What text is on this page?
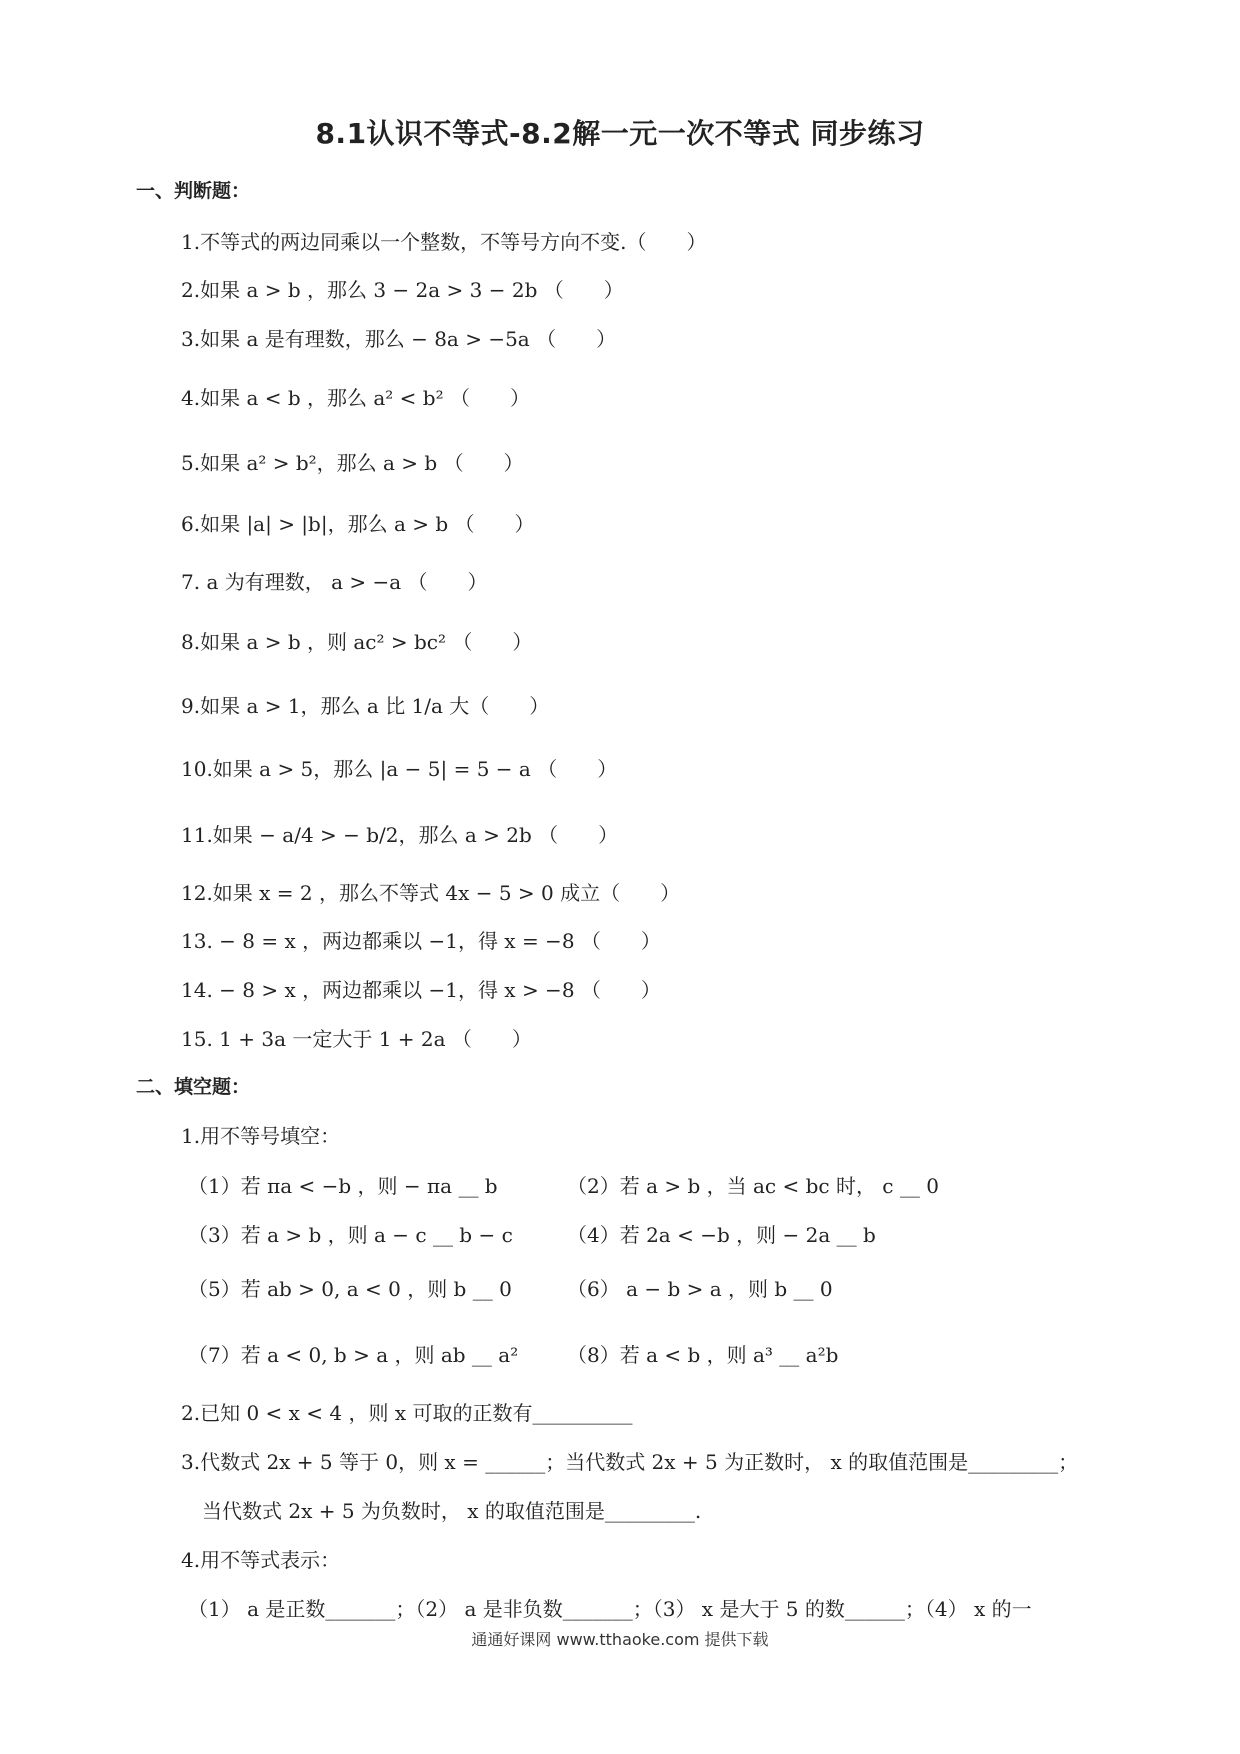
8.1认识不等式-8.2解一元一次不等式 同步练习
一、判断题：
1.不等式的两边同乘以一个整数，不等号方向不变.（　　）
2.如果 a > b ，那么 3 − 2a > 3 − 2b （　　）
3.如果 a 是有理数，那么 − 8a > −5a （　　）
4.如果 a < b ，那么 a² < b² （　　）
5.如果 a² > b²，那么 a > b （　　）
6.如果 |a| > |b|，那么 a > b （　　）
7. a 为有理数， a > −a （　　）
8.如果 a > b ，则 ac² > bc² （　　）
9.如果 a > 1，那么 a 比 1/a 大（　　）
10.如果 a > 5，那么 |a − 5| = 5 − a （　　）
11.如果 − a/4 > − b/2，那么 a > 2b （　　）
12.如果 x = 2 ，那么不等式 4x − 5 > 0 成立（　　）
13. − 8 = x ，两边都乘以 −1，得 x = −8 （　　）
14. − 8 > x ，两边都乘以 −1，得 x > −8 （　　）
15. 1 + 3a 一定大于 1 + 2a （　　）
二、填空题：
1.用不等号填空：
（1）若 πa < −b ，则 − πa __ b	（2）若 a > b ，当 ac < bc 时， c __ 0
（3）若 a > b ，则 a − c __ b − c	（4）若 2a < −b ，则 − 2a __ b
（5）若 ab > 0, a < 0 ，则 b __ 0	（6） a − b > a ，则 b __ 0
（7）若 a < 0, b > a ，则 ab __ a² （8）若 a < b ，则 a³ __ a²b
2.已知 0 < x < 4 ，则 x 可取的正数有__________
3.代数式 2x + 5 等于 0，则 x = ______；当代数式 2x + 5 为正数时， x 的取值范围是_________；
当代数式 2x + 5 为负数时， x 的取值范围是_________.
4.用不等式表示：
（1） a 是正数_______；（2） a 是非负数_______；（3） x 是大于 5 的数______；（4） x 的一
通通好课网 www.tthaoke.com 提供下载
